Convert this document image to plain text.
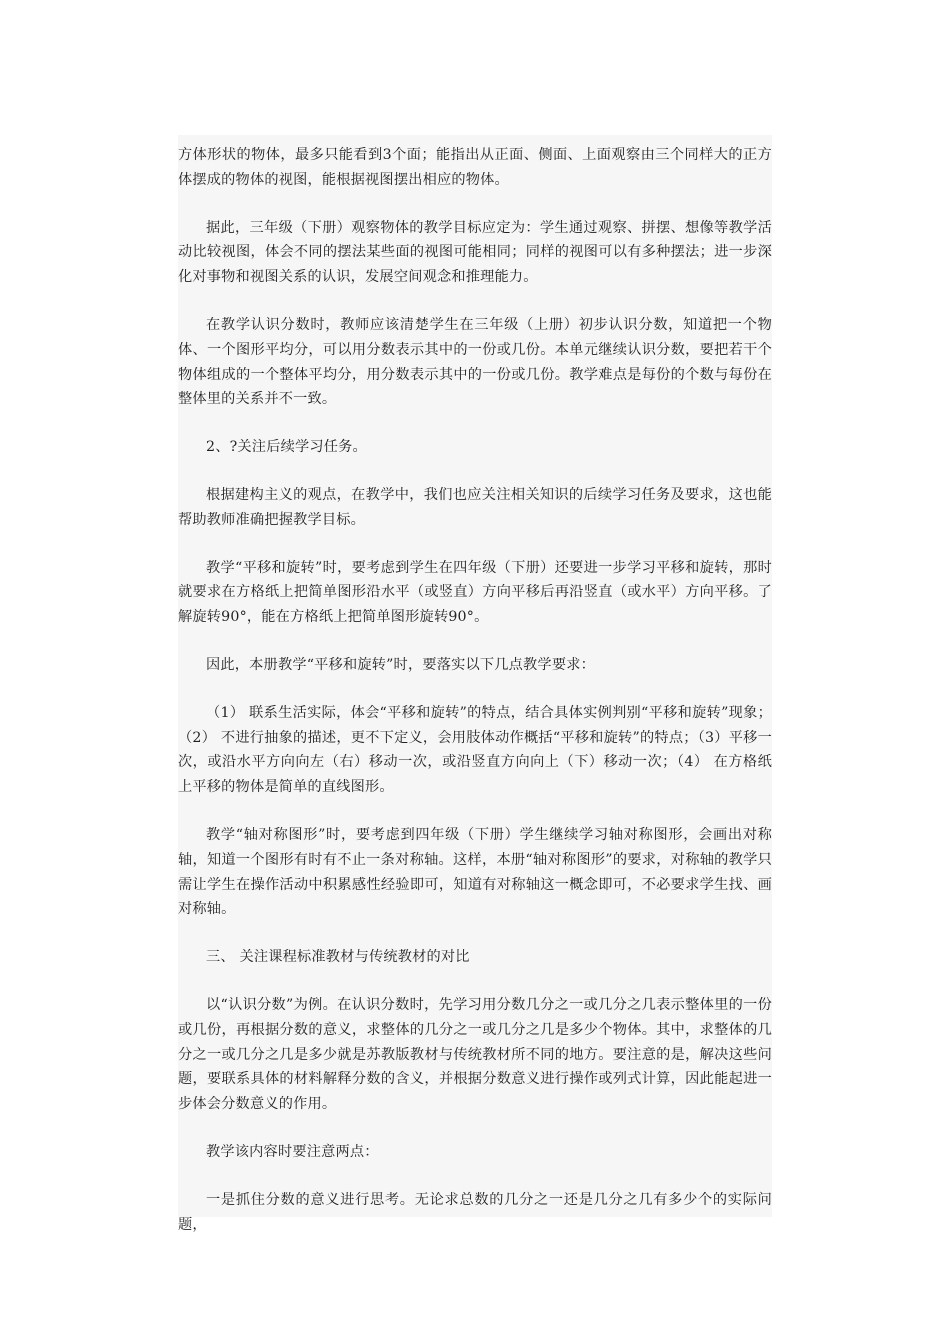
方体形状的物体，最多只能看到3个面；能指出从正面、侧面、上面观察由三个同样大的正方体摆成的物体的视图，能根据视图摆出相应的物体。

据此，三年级（下册）观察物体的教学目标应定为：学生通过观察、拼摆、想像等教学活动比较视图，体会不同的摆法某些面的视图可能相同；同样的视图可以有多种摆法；进一步深化对事物和视图关系的认识，发展空间观念和推理能力。

在教学认识分数时，教师应该清楚学生在三年级（上册）初步认识分数，知道把一个物体、一个图形平均分，可以用分数表示其中的一份或几份。本单元继续认识分数，要把若干个物体组成的一个整体平均分，用分数表示其中的一份或几份。教学难点是每份的个数与每份在整体里的关系并不一致。

2、?关注后续学习任务。

根据建构主义的观点，在教学中，我们也应关注相关知识的后续学习任务及要求，这也能帮助教师准确把握教学目标。

教学“平移和旋转”时，要考虑到学生在四年级（下册）还要进一步学习平移和旋转，那时就要求在方格纸上把简单图形沿水平（或竖直）方向平移后再沿竖直（或水平）方向平移。了解旋转90°，能在方格纸上把简单图形旋转90°。

因此，本册教学“平移和旋转”时，要落实以下几点教学要求：

（1） 联系生活实际，体会“平移和旋转”的特点，结合具体实例判别“平移和旋转”现象；（2） 不进行抽象的描述，更不下定义，会用肢体动作概括“平移和旋转”的特点；（3）平移一次，或沿水平方向向左（右）移动一次，或沿竖直方向向上（下）移动一次；（4） 在方格纸上平移的物体是简单的直线图形。

教学“轴对称图形”时，要考虑到四年级（下册）学生继续学习轴对称图形，会画出对称轴，知道一个图形有时有不止一条对称轴。这样，本册“轴对称图形”的要求，对称轴的教学只需让学生在操作活动中积累感性经验即可，知道有对称轴这一概念即可，不必要求学生找、画对称轴。

三、 关注课程标准教材与传统教材的对比

以“认识分数”为例。在认识分数时，先学习用分数几分之一或几分之几表示整体里的一份或几份，再根据分数的意义，求整体的几分之一或几分之几是多少个物体。其中，求整体的几分之一或几分之几是多少就是苏教版教材与传统教材所不同的地方。要注意的是，解决这些问题，要联系具体的材料解释分数的含义，并根据分数意义进行操作或列式计算，因此能起进一步体会分数意义的作用。

教学该内容时要注意两点：

一是抓住分数的意义进行思考。无论求总数的几分之一还是几分之几有多少个的实际问题，
